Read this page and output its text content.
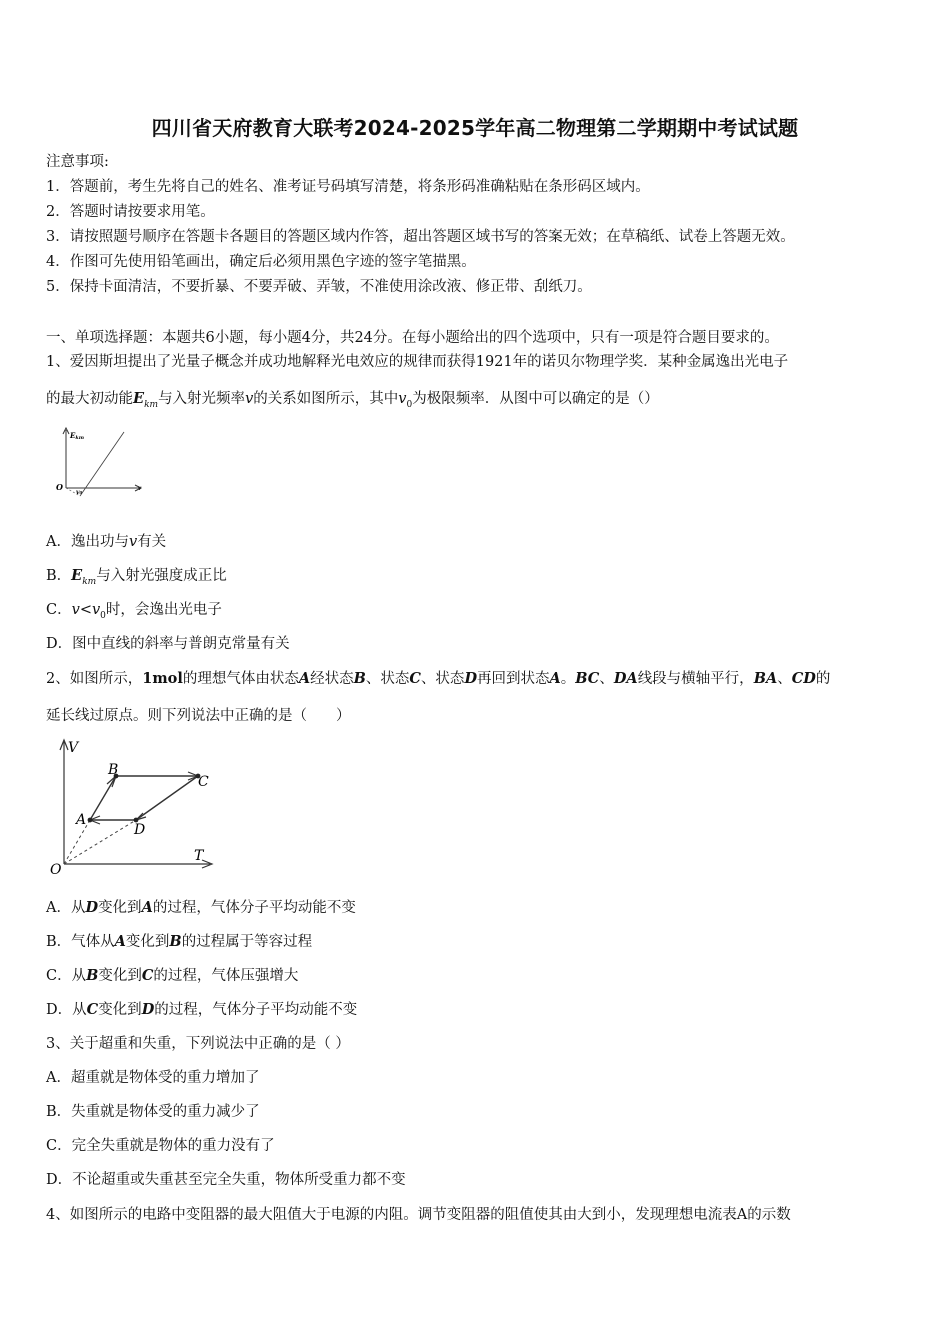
四川省天府教育大联考2024-2025学年高二物理第二学期期中考试试题
注意事项:
1．答题前，考生先将自己的姓名、准考证号码填写清楚，将条形码准确粘贴在条形码区域内。
2．答题时请按要求用笔。
3．请按照题号顺序在答题卡各题目的答题区域内作答，超出答题区域书写的答案无效；在草稿纸、试卷上答题无效。
4．作图可先使用铅笔画出，确定后必须用黑色字迹的签字笔描黑。
5．保持卡面清洁，不要折暴、不要弄破、弄皱，不准使用涂改液、修正带、刮纸刀。
一、单项选择题：本题共6小题，每小题4分，共24分。在每小题给出的四个选项中，只有一项是符合题目要求的。
1、爱因斯坦提出了光量子概念并成功地解释光电效应的规律而获得1921年的诺贝尔物理学奖．某种金属逸出光电子
的最大初动能$E_{km}$与入射光频率v的关系如图所示，其中$v_0$为极限频率．从图中可以确定的是（）
Ekm
O
v₀
v
A．逸出功与v有关
B．$E_{km}$与入射光强度成正比
C．$v<v_0$时，会逸出光电子
D．图中直线的斜率与普朗克常量有关
2、如图所示，1mol的理想气体由状态A经状态B、状态C、状态D再回到状态A。BC、DA线段与横轴平行，BA、CD的
延长线过原点。则下列说法中正确的是（　　）
V
T
O
A
B
C
D
A．从D变化到A的过程，气体分子平均动能不变
B．气体从A变化到B的过程属于等容过程
C．从B变化到C的过程，气体压强增大
D．从C变化到D的过程，气体分子平均动能不变
3、关于超重和失重，下列说法中正确的是（ ）
A．超重就是物体受的重力增加了
B．失重就是物体受的重力减少了
C．完全失重就是物体的重力没有了
D．不论超重或失重甚至完全失重，物体所受重力都不变
4、如图所示的电路中变阻器的最大阻值大于电源的内阻。调节变阻器的阻值使其由大到小，发现理想电流表A的示数
